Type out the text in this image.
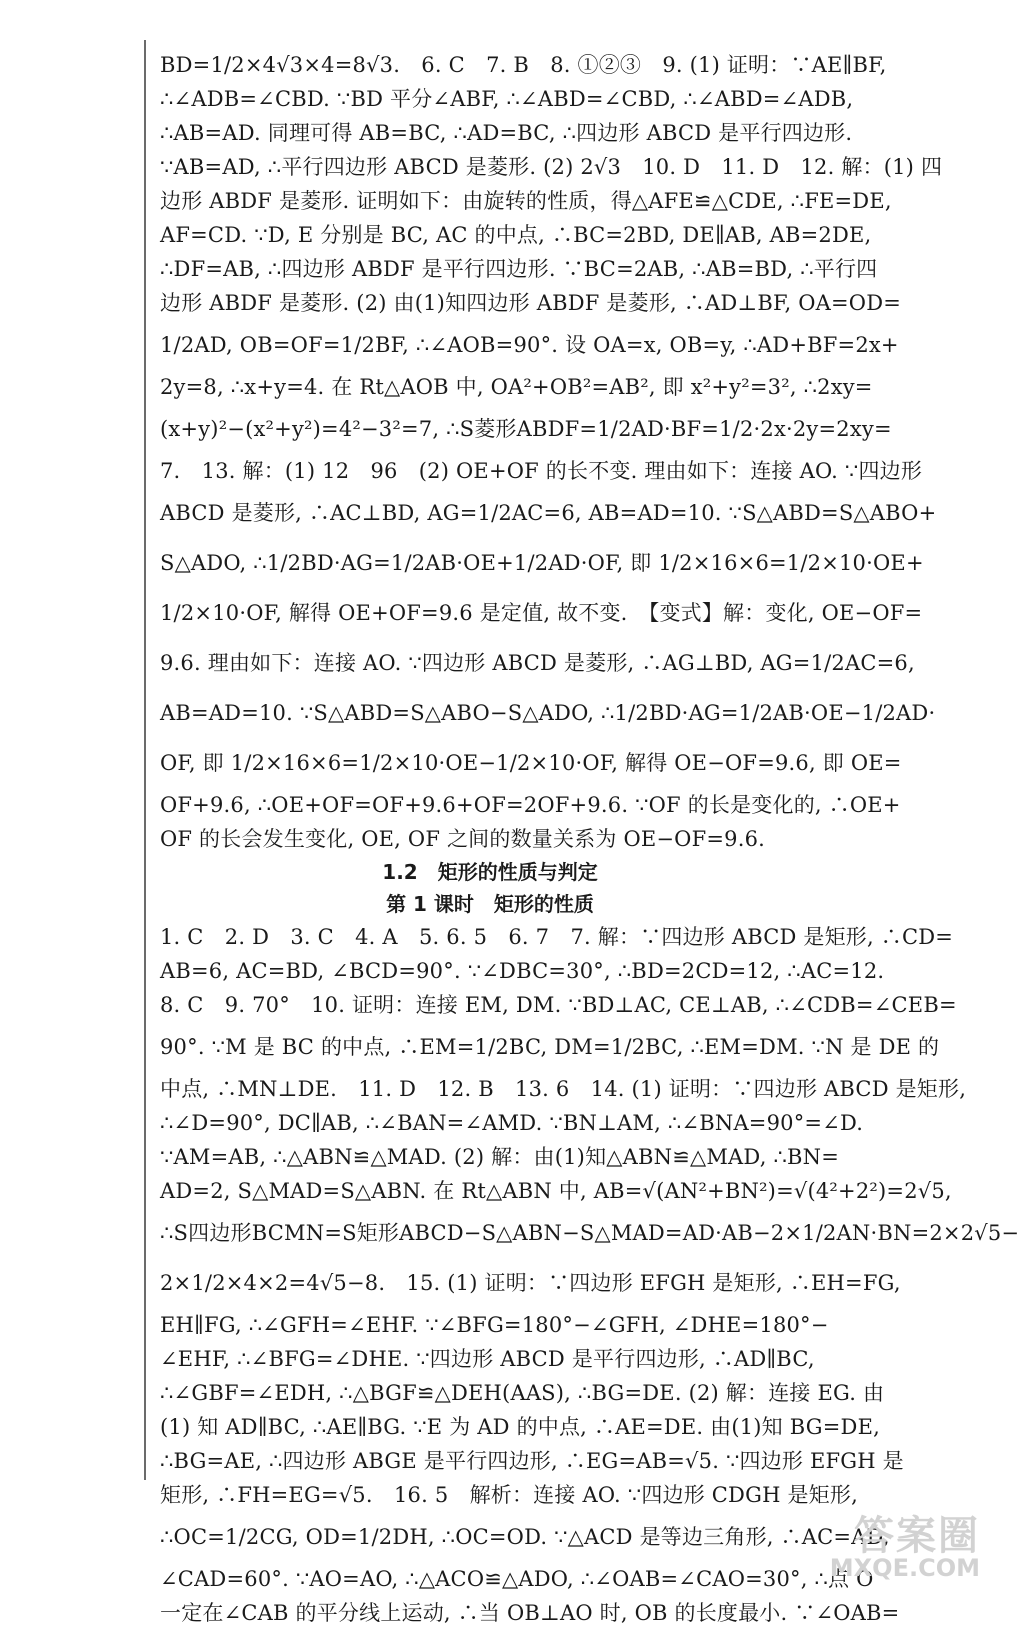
BD=1/2×4√3×4=8√3.　6. C　7. B　8. ①②③　9. (1) 证明：∵AE∥BF,
∴∠ADB=∠CBD. ∵BD 平分∠ABF, ∴∠ABD=∠CBD, ∴∠ABD=∠ADB,
∴AB=AD. 同理可得 AB=BC, ∴AD=BC, ∴四边形 ABCD 是平行四边形.
∵AB=AD, ∴平行四边形 ABCD 是菱形. (2) 2√3　10. D　11. D　12. 解：(1) 四
边形 ABDF 是菱形. 证明如下：由旋转的性质，得△AFE≌△CDE, ∴FE=DE,
AF=CD. ∵D, E 分别是 BC, AC 的中点, ∴BC=2BD, DE∥AB, AB=2DE,
∴DF=AB, ∴四边形 ABDF 是平行四边形. ∵BC=2AB, ∴AB=BD, ∴平行四
边形 ABDF 是菱形. (2) 由(1)知四边形 ABDF 是菱形, ∴AD⊥BF, OA=OD=
1/2AD, OB=OF=1/2BF, ∴∠AOB=90°. 设 OA=x, OB=y, ∴AD+BF=2x+
2y=8, ∴x+y=4. 在 Rt△AOB 中, OA²+OB²=AB², 即 x²+y²=3², ∴2xy=
(x+y)²−(x²+y²)=4²−3²=7, ∴S菱形ABDF=1/2AD·BF=1/2·2x·2y=2xy=
7.　13. 解：(1) 12　96　(2) OE+OF 的长不变. 理由如下：连接 AO. ∵四边形
ABCD 是菱形, ∴AC⊥BD, AG=1/2AC=6, AB=AD=10. ∵S△ABD=S△ABO+
S△ADO, ∴1/2BD·AG=1/2AB·OE+1/2AD·OF, 即 1/2×16×6=1/2×10·OE+
1/2×10·OF, 解得 OE+OF=9.6 是定值, 故不变.　【变式】解：变化, OE−OF=
9.6. 理由如下：连接 AO. ∵四边形 ABCD 是菱形, ∴AG⊥BD, AG=1/2AC=6,
AB=AD=10. ∵S△ABD=S△ABO−S△ADO, ∴1/2BD·AG=1/2AB·OE−1/2AD·
OF, 即 1/2×16×6=1/2×10·OE−1/2×10·OF, 解得 OE−OF=9.6, 即 OE=
OF+9.6, ∴OE+OF=OF+9.6+OF=2OF+9.6. ∵OF 的长是变化的, ∴OE+
OF 的长会发生变化, OE, OF 之间的数量关系为 OE−OF=9.6.
1.2　矩形的性质与判定
第 1 课时　矩形的性质
1. C　2. D　3. C　4. A　5. 6. 5　6. 7　7. 解：∵四边形 ABCD 是矩形, ∴CD=
AB=6, AC=BD, ∠BCD=90°. ∵∠DBC=30°, ∴BD=2CD=12, ∴AC=12.
8. C　9. 70°　10. 证明：连接 EM, DM. ∵BD⊥AC, CE⊥AB, ∴∠CDB=∠CEB=
90°. ∵M 是 BC 的中点, ∴EM=1/2BC, DM=1/2BC, ∴EM=DM. ∵N 是 DE 的
中点, ∴MN⊥DE.　11. D　12. B　13. 6　14. (1) 证明：∵四边形 ABCD 是矩形,
∴∠D=90°, DC∥AB, ∴∠BAN=∠AMD. ∵BN⊥AM, ∴∠BNA=90°=∠D.
∵AM=AB, ∴△ABN≌△MAD. (2) 解：由(1)知△ABN≌△MAD, ∴BN=
AD=2, S△MAD=S△ABN. 在 Rt△ABN 中, AB=√(AN²+BN²)=√(4²+2²)=2√5,
∴S四边形BCMN=S矩形ABCD−S△ABN−S△MAD=AD·AB−2×1/2AN·BN=2×2√5−
2×1/2×4×2=4√5−8.　15. (1) 证明：∵四边形 EFGH 是矩形, ∴EH=FG,
EH∥FG, ∴∠GFH=∠EHF. ∵∠BFG=180°−∠GFH, ∠DHE=180°−
∠EHF, ∴∠BFG=∠DHE. ∵四边形 ABCD 是平行四边形, ∴AD∥BC,
∴∠GBF=∠EDH, ∴△BGF≌△DEH(AAS), ∴BG=DE. (2) 解：连接 EG. 由
(1) 知 AD∥BC, ∴AE∥BG. ∵E 为 AD 的中点, ∴AE=DE. 由(1)知 BG=DE,
∴BG=AE, ∴四边形 ABGE 是平行四边形, ∴EG=AB=√5. ∵四边形 EFGH 是
矩形, ∴FH=EG=√5.　16. 5　解析：连接 AO. ∵四边形 CDGH 是矩形,
∴OC=1/2CG, OD=1/2DH, ∴OC=OD. ∵△ACD 是等边三角形, ∴AC=AD,
∠CAD=60°. ∵AO=AO, ∴△ACO≌△ADO, ∴∠OAB=∠CAO=30°, ∴点 O
一定在∠CAB 的平分线上运动, ∴当 OB⊥AO 时, OB 的长度最小. ∵∠OAB=
答案圈
MXQE.COM
